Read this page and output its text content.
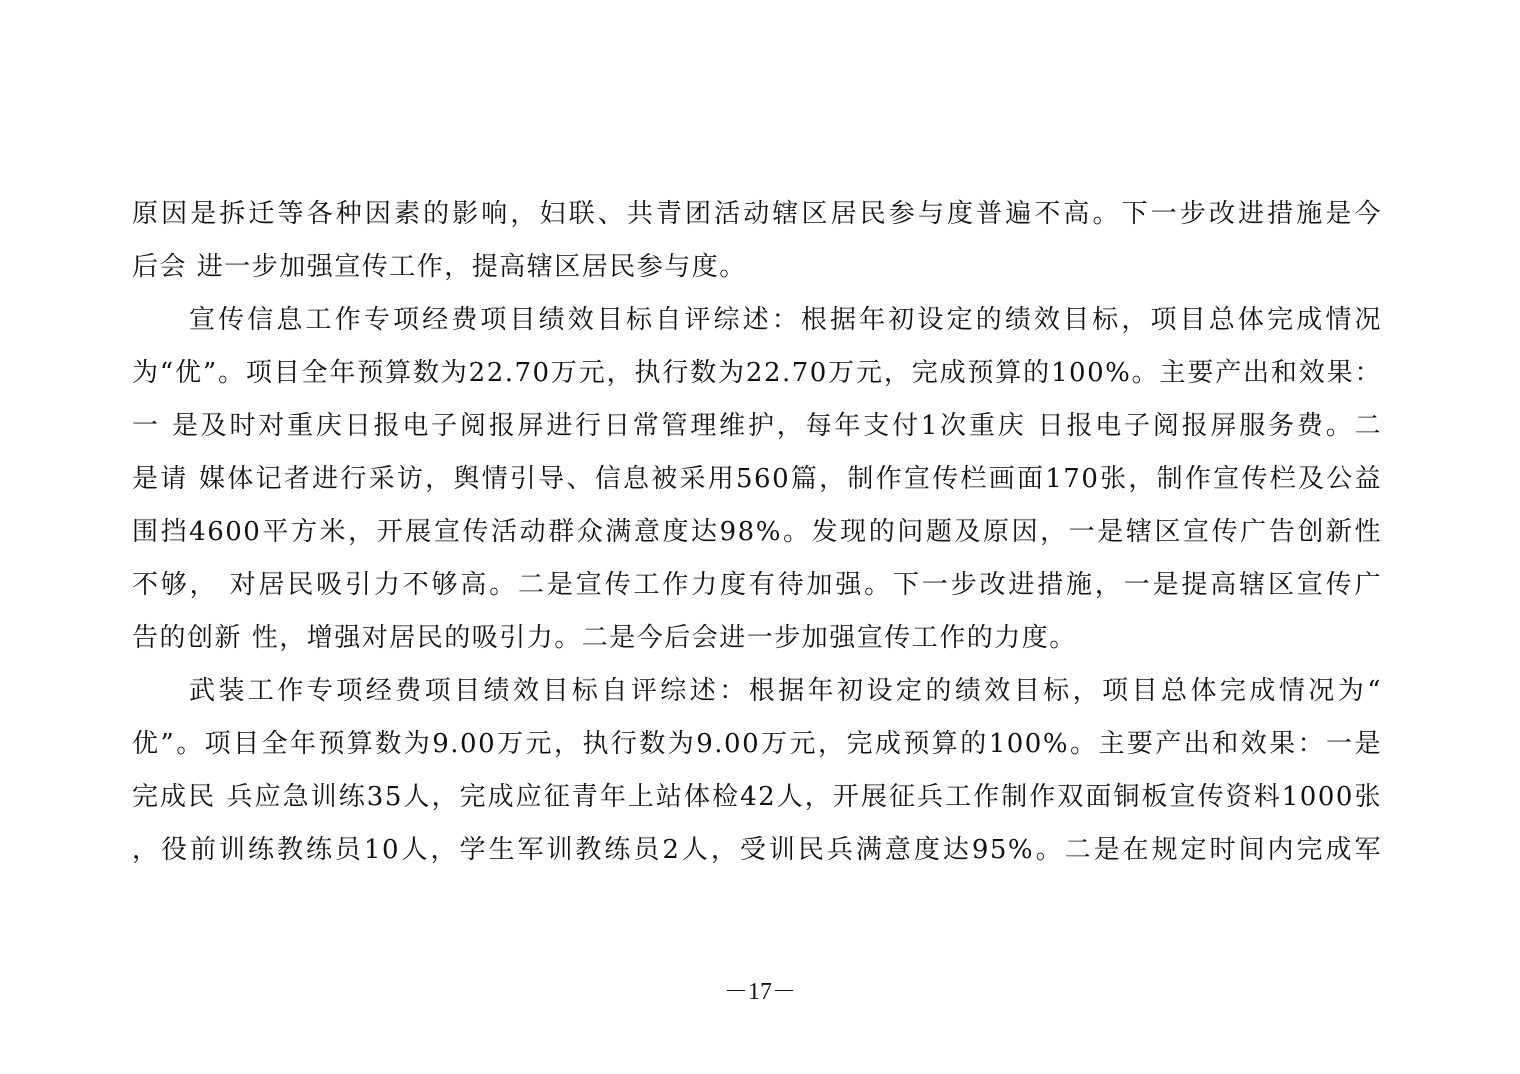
原因是拆迁等各种因素的影响，妇联、共青团活动辖区居民参与度普遍不高。下一步改进措施是今
后会 进一步加强宣传工作，提高辖区居民参与度。
宣传信息工作专项经费项目绩效目标自评综述：根据年初设定的绩效目标，项目总体完成情况
为“优”。项目全年预算数为22.70万元，执行数为22.70万元，完成预算的100%。主要产出和效果：
一 是及时对重庆日报电子阅报屏进行日常管理维护，每年支付1次重庆 日报电子阅报屏服务费。二
是请 媒体记者进行采访，舆情引导、信息被采用560篇，制作宣传栏画面170张，制作宣传栏及公益
围挡4600平方米，开展宣传活动群众满意度达98%。发现的问题及原因，一是辖区宣传广告创新性
不够， 对居民吸引力不够高。二是宣传工作力度有待加强。下一步改进措施，一是提高辖区宣传广
告的创新 性，增强对居民的吸引力。二是今后会进一步加强宣传工作的力度。
武装工作专项经费项目绩效目标自评综述：根据年初设定的绩效目标，项目总体完成情况为“
优”。项目全年预算数为9.00万元，执行数为9.00万元，完成预算的100%。主要产出和效果：一是
完成民 兵应急训练35人，完成应征青年上站体检42人，开展征兵工作制作双面铜板宣传资料1000张
，役前训练教练员10人，学生军训教练员2人，受训民兵满意度达95%。二是在规定时间内完成军
－17－
